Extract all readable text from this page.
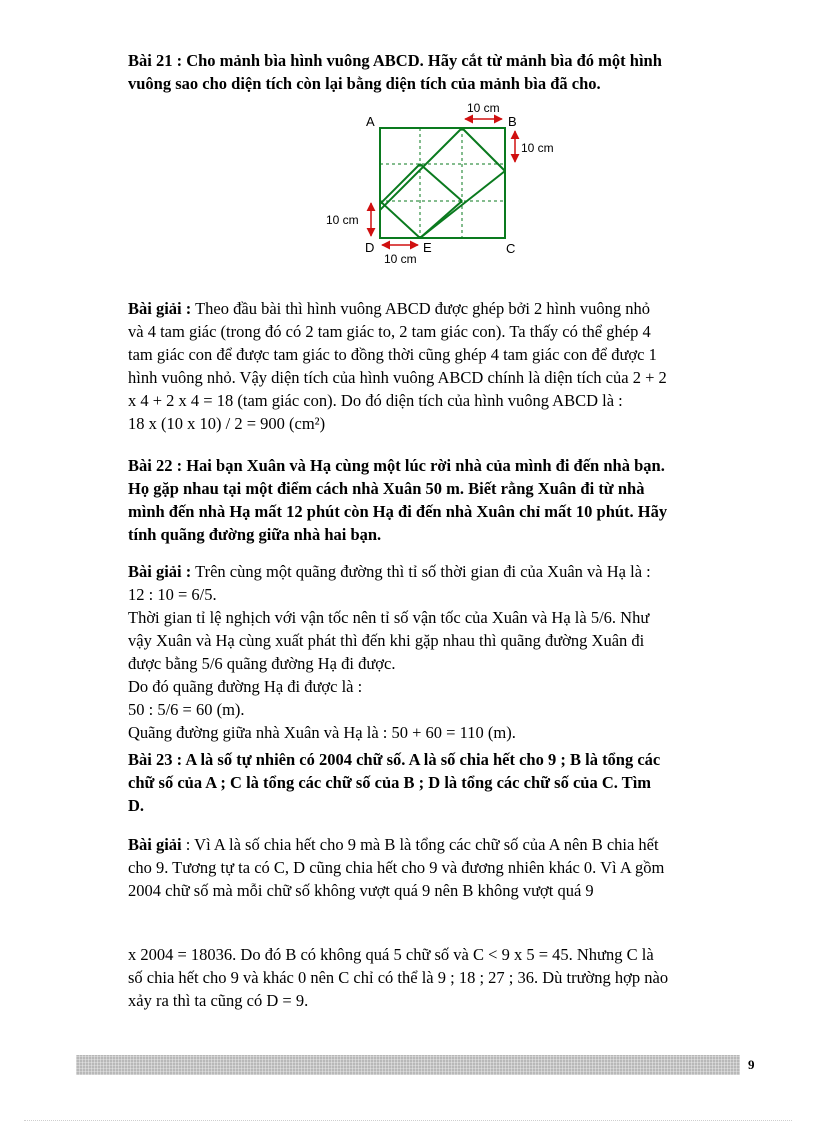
Bài 21 : Cho mảnh bìa hình vuông ABCD. Hãy cắt từ mảnh bìa đó một hình
vuông sao cho diện tích còn lại bằng diện tích của mảnh bìa đã cho.

A	B
C
D	E
10 cm
10 cm
10 cm
10 cm

Bài giải : Theo đầu bài thì hình vuông ABCD được ghép bởi 2 hình vuông nhỏ
và 4 tam giác (trong đó có 2 tam giác to, 2 tam giác con). Ta thấy có thể ghép 4
tam giác con để được tam giác to đồng thời cũng ghép 4 tam giác con để được 1
hình vuông nhỏ. Vậy diện tích của hình vuông ABCD chính là diện tích của 2 + 2
x 4 + 2 x 4 = 18 (tam giác con). Do đó diện tích của hình vuông ABCD là :
18 x (10 x 10) / 2 = 900 (cm²)

Bài 22 : Hai bạn Xuân và Hạ cùng một lúc rời nhà của mình đi đến nhà bạn.
Họ gặp nhau tại một điểm cách nhà Xuân 50 m. Biết rằng Xuân đi từ nhà
mình đến nhà Hạ mất 12 phút còn Hạ đi đến nhà Xuân chỉ mất 10 phút. Hãy
tính quãng đường giữa nhà hai bạn.

Bài giải : Trên cùng một quãng đường thì tỉ số thời gian đi của Xuân và Hạ là :
12 : 10 = 6/5.
Thời gian tỉ lệ nghịch với vận tốc nên tỉ số vận tốc của Xuân và Hạ là 5/6. Như
vậy Xuân và Hạ cùng xuất phát thì đến khi gặp nhau thì quãng đường Xuân đi
được bằng 5/6 quãng đường Hạ đi được.
Do đó quãng đường Hạ đi được là :
50 : 5/6 = 60 (m).
Quãng đường giữa nhà Xuân và Hạ là : 50 + 60 = 110 (m).

Bài 23 : A là số tự nhiên có 2004 chữ số. A là số chia hết cho 9 ; B là tổng các
chữ số của A ; C là tổng các chữ số của B ; D là tổng các chữ số của C. Tìm
D.

Bài giải : Vì A là số chia hết cho 9 mà B là tổng các chữ số của A nên B chia hết
cho 9. Tương tự ta có C, D cũng chia hết cho 9 và đương nhiên khác 0. Vì A gồm
2004 chữ số mà mỗi chữ số không vượt quá 9 nên B không vượt quá 9

x 2004 = 18036. Do đó B có không quá 5 chữ số và C < 9 x 5 = 45. Nhưng C là
số chia hết cho 9 và khác 0 nên C chỉ có thể là 9 ; 18 ; 27 ; 36. Dù trường hợp nào
xảy ra thì ta cũng có D = 9.

9
